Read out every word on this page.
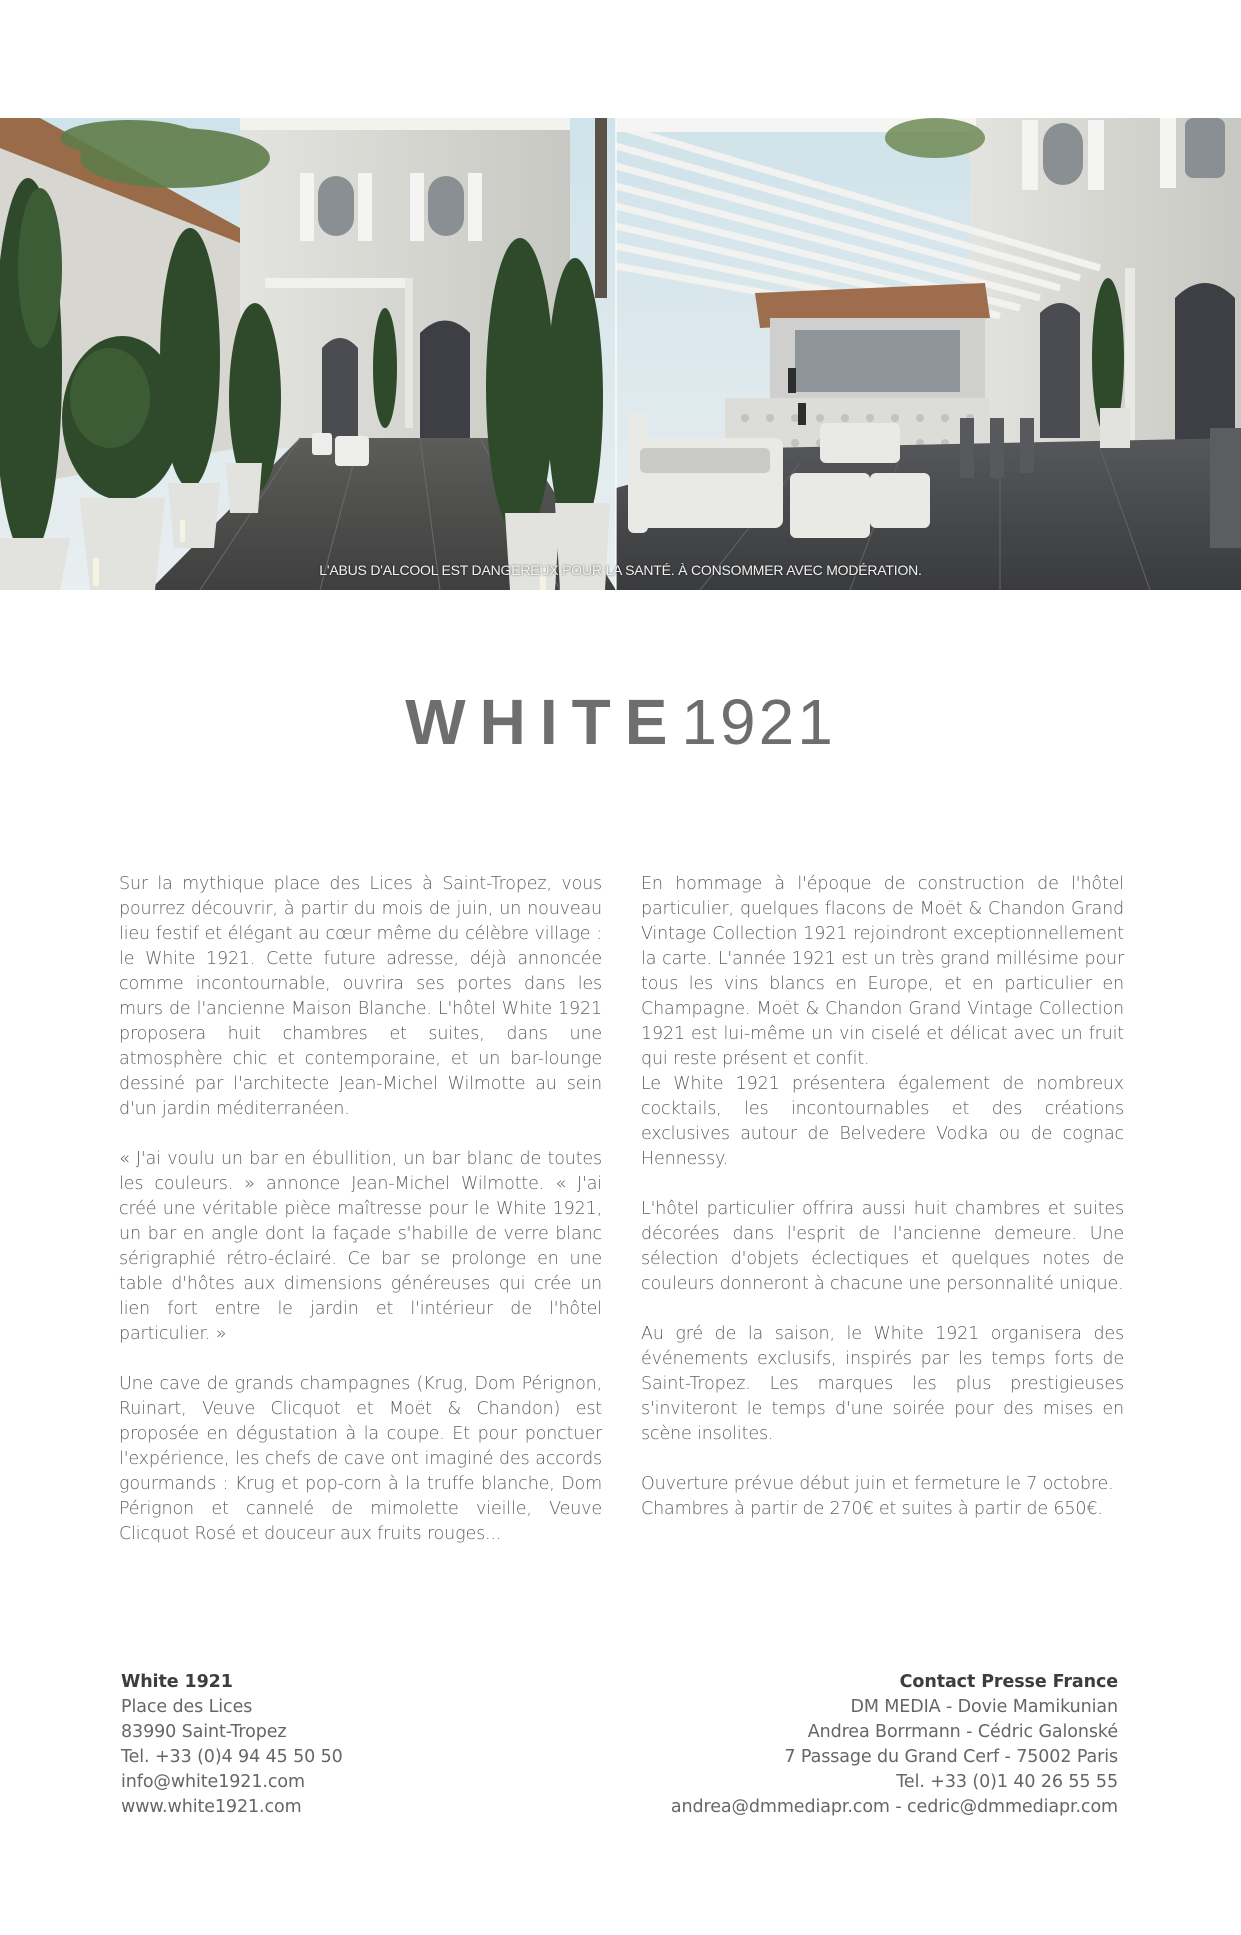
L'ABUS D'ALCOOL EST DANGEREUX POUR LA SANTÉ. À CONSOMMER AVEC MODÉRATION.
WHITE1921

Sur la mythique place des Lices à Saint-Tropez, vous pourrez découvrir, à partir du mois de juin, un nouveau lieu festif et élégant au cœur même du célèbre village : le White 1921. Cette future adresse, déjà annoncée comme incontournable, ouvrira ses portes dans les murs de l'ancienne Maison Blanche. L'hôtel White 1921 proposera huit chambres et suites, dans une atmosphère chic et contemporaine, et un bar-lounge dessiné par l'architecte Jean-Michel Wilmotte au sein d'un jardin méditerranéen.

« J'ai voulu un bar en ébullition, un bar blanc de toutes les couleurs. » annonce Jean-Michel Wilmotte. « J'ai créé une véritable pièce maîtresse pour le White 1921, un bar en angle dont la façade s'habille de verre blanc sérigraphié rétro-éclairé. Ce bar se prolonge en une table d'hôtes aux dimensions généreuses qui crée un lien fort entre le jardin et l'intérieur de l'hôtel particulier. »

Une cave de grands champagnes (Krug, Dom Pérignon, Ruinart, Veuve Clicquot et Moët & Chandon) est proposée en dégustation à la coupe. Et pour ponctuer l'expérience, les chefs de cave ont imaginé des accords gourmands : Krug et pop-corn à la truffe blanche, Dom Pérignon et cannelé de mimolette vieille, Veuve Clicquot Rosé et douceur aux fruits rouges...

En hommage à l'époque de construction de l'hôtel particulier, quelques flacons de Moët & Chandon Grand Vintage Collection 1921 rejoindront exceptionnellement la carte. L'année 1921 est un très grand millésime pour tous les vins blancs en Europe, et en particulier en Champagne. Moët & Chandon Grand Vintage Collection 1921 est lui-même un vin ciselé et délicat avec un fruit qui reste présent et confit.

Le White 1921 présentera également de nombreux cocktails, les incontournables et des créations exclusives autour de Belvedere Vodka ou de cognac Hennessy.

L'hôtel particulier offrira aussi huit chambres et suites décorées dans l'esprit de l'ancienne demeure. Une sélection d'objets éclectiques et quelques notes de couleurs donneront à chacune une personnalité unique.

Au gré de la saison, le White 1921 organisera des événements exclusifs, inspirés par les temps forts de Saint-Tropez. Les marques les plus prestigieuses s'inviteront le temps d'une soirée pour des mises en scène insolites.

Ouverture prévue début juin et fermeture le 7 octobre.
Chambres à partir de 270€ et suites à partir de 650€.

White 1921
Place des Lices
83990 Saint-Tropez
Tel. +33 (0)4 94 45 50 50
info@white1921.com
www.white1921.com
Contact Presse France
DM MEDIA - Dovie Mamikunian
Andrea Borrmann - Cédric Galonské
7 Passage du Grand Cerf - 75002 Paris
Tel. +33 (0)1 40 26 55 55
andrea@dmmediapr.com - cedric@dmmediapr.com
